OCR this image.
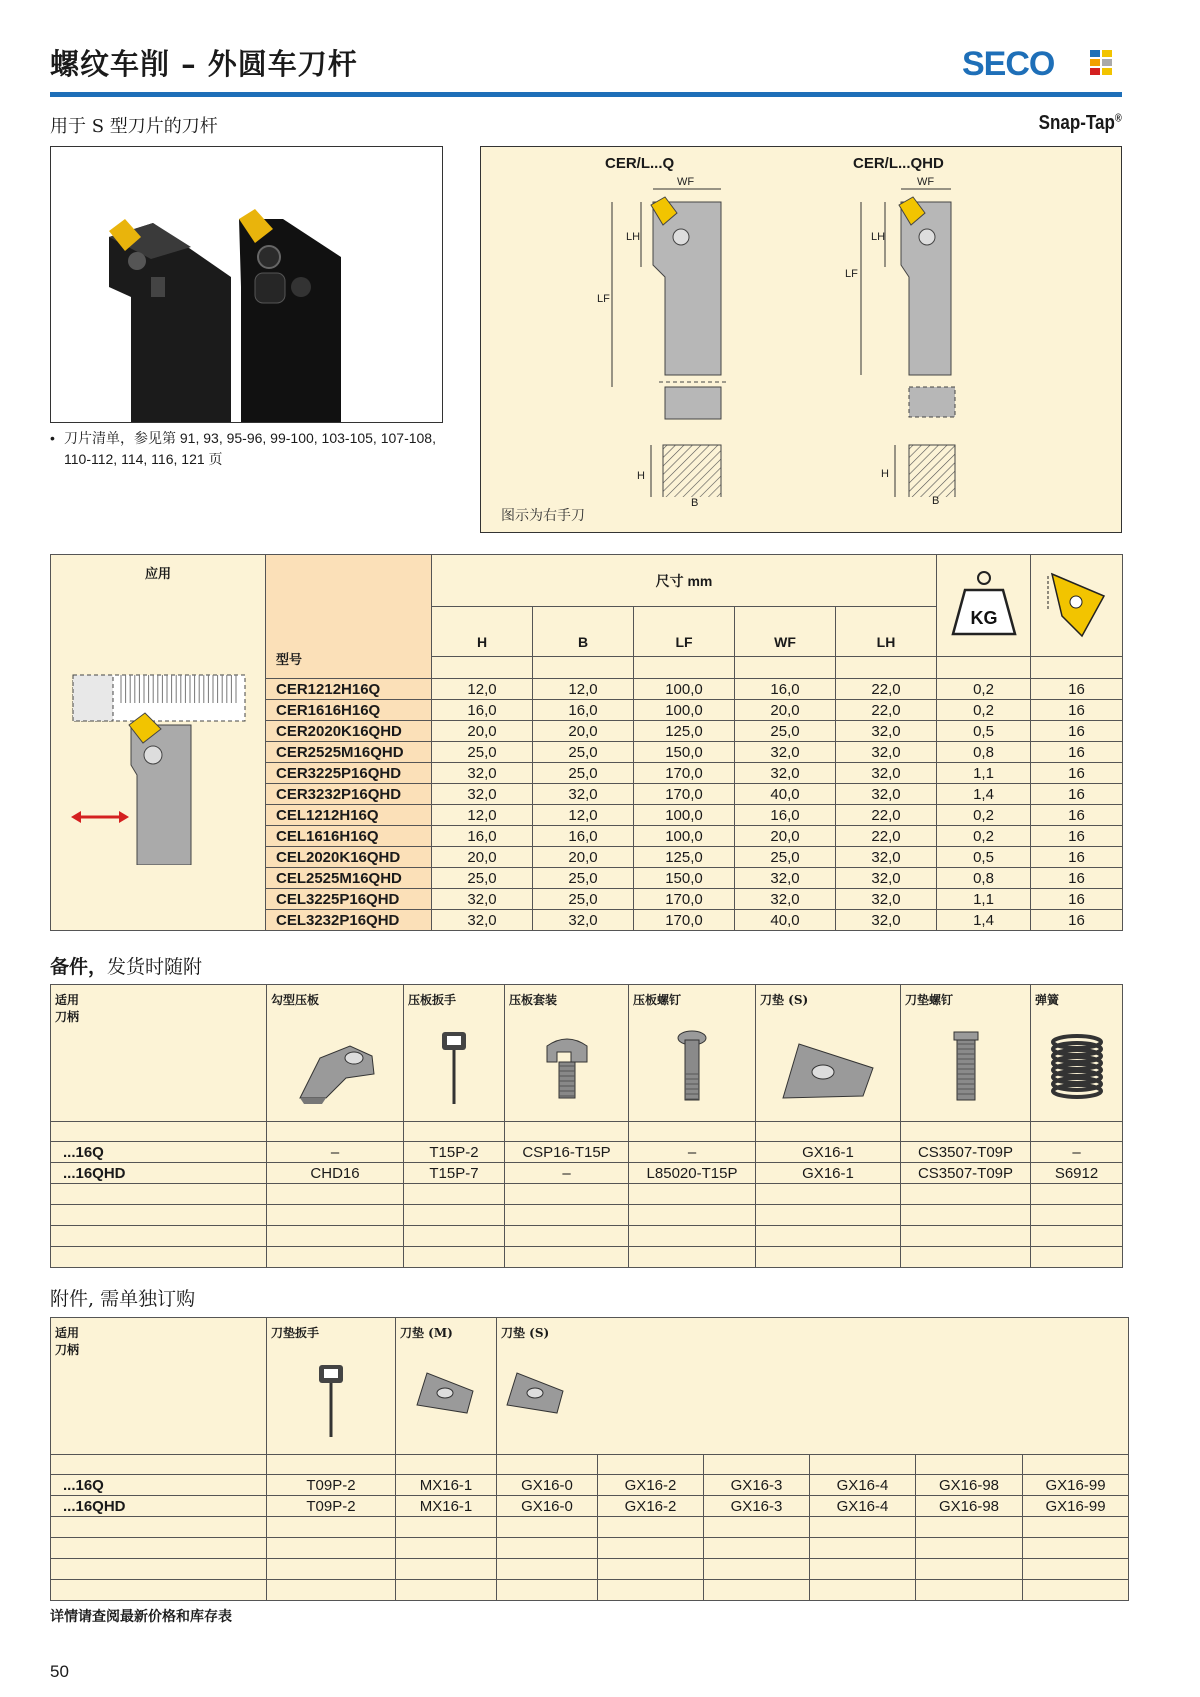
螺纹车削 – 外圆车刀杆	SECO
用于 S 型刀片的刀杆	Snap-Tap®
• 刀片清单，参见第 91, 93, 95-96, 99-100, 103-105, 107-108, 110-112, 114, 116, 121 页
CER/L...Q	CER/L...QHD
LH
LF
WF
H
LH
LF
WF
H
B	B
图示为右手刀
应用	型号	尺寸 mm					KG

		H	B	LF	WF	LH		

	CER1212H16Q	12,0	12,0	100,0	16,0	22,0	0,2	16
	CER1616H16Q	16,0	16,0	100,0	20,0	22,0	0,2	16
	CER2020K16QHD	20,0	20,0	125,0	25,0	32,0	0,5	16
	CER2525M16QHD	25,0	25,0	150,0	32,0	32,0	0,8	16
	CER3225P16QHD	32,0	25,0	170,0	32,0	32,0	1,1	16
	CER3232P16QHD	32,0	32,0	170,0	40,0	32,0	1,4	16
	CEL1212H16Q	12,0	12,0	100,0	16,0	22,0	0,2	16
	CEL1616H16Q	16,0	16,0	100,0	20,0	22,0	0,2	16
	CEL2020K16QHD	20,0	20,0	125,0	25,0	32,0	0,5	16
	CEL2525M16QHD	25,0	25,0	150,0	32,0	32,0	0,8	16
	CEL3225P16QHD	32,0	25,0	170,0	32,0	32,0	1,1	16
	CEL3232P16QHD	32,0	32,0	170,0	40,0	32,0	1,4	16
备件，发货时随附
适用
刀柄	勾型压板	压板扳手	压板套装	压板螺钉	刀垫 (S)	刀垫螺钉	弹簧

...16Q	–	T15P-2	CSP16-T15P	–	GX16-1	CS3507-T09P	–
...16QHD	CHD16	T15P-7	–	L85020-T15P	GX16-1	CS3507-T09P	S6912

附件, 需单独订购
适用
刀柄	刀垫扳手	刀垫 (M)	刀垫 (S)					

...16Q	T09P-2	MX16-1	GX16-0	GX16-2	GX16-3	GX16-4	GX16-98	GX16-99
...16QHD	T09P-2	MX16-1	GX16-0	GX16-2	GX16-3	GX16-4	GX16-98	GX16-99

详情请查阅最新价格和库存表
50
